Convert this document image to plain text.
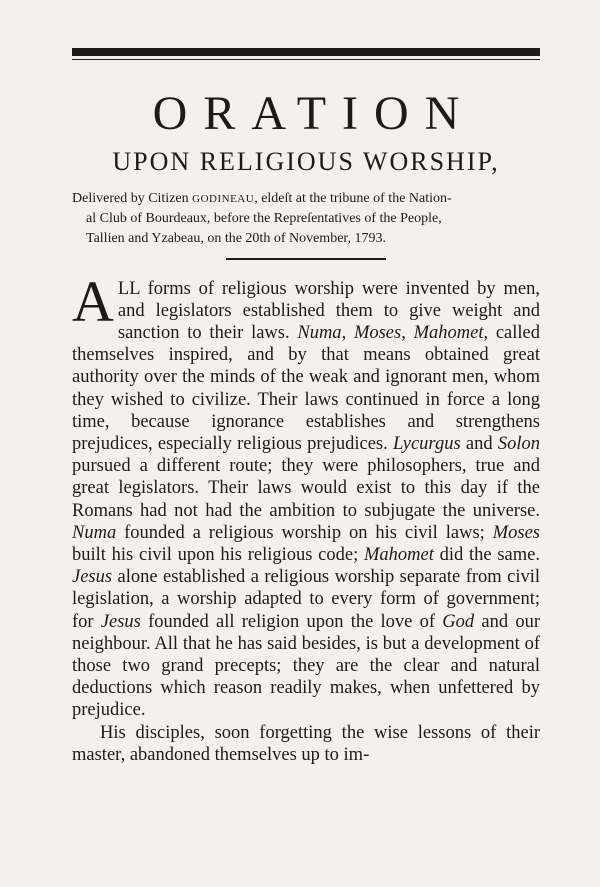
ORATION
UPON RELIGIOUS WORSHIP,
Delivered by Citizen GODINEAU, eldeſt at the tribune of the Nation-
al Club of Bourdeaux, before the Repreſentatives of the People,
Tallien and Yzabeau, on the 20th of November, 1793.

ALL forms of religious worship were invented by men, and legislators established them to give weight and sanction to their laws. Numa, Moses, Mahomet, called themselves inspired, and by that means obtained great authority over the minds of the weak and ignorant men, whom they wished to civilize. Their laws continued in force a long time, because ignorance establishes and strengthens prejudices, especially religious prejudices. Lycurgus and Solon pursued a different route; they were philosophers, true and great legislators. Their laws would exist to this day if the Romans had not had the ambition to subjugate the universe. Numa founded a religious worship on his civil laws; Moses built his civil upon his religious code; Mahomet did the same. Jesus alone established a religious worship separate from civil legislation, a worship adapted to every form of government; for Jesus founded all religion upon the love of God and our neighbour. All that he has said besides, is but a development of those two grand precepts; they are the clear and natural deductions which reason readily makes, when unfettered by prejudice.

His disciples, soon forgetting the wise lessons of their master, abandoned themselves up to im-
